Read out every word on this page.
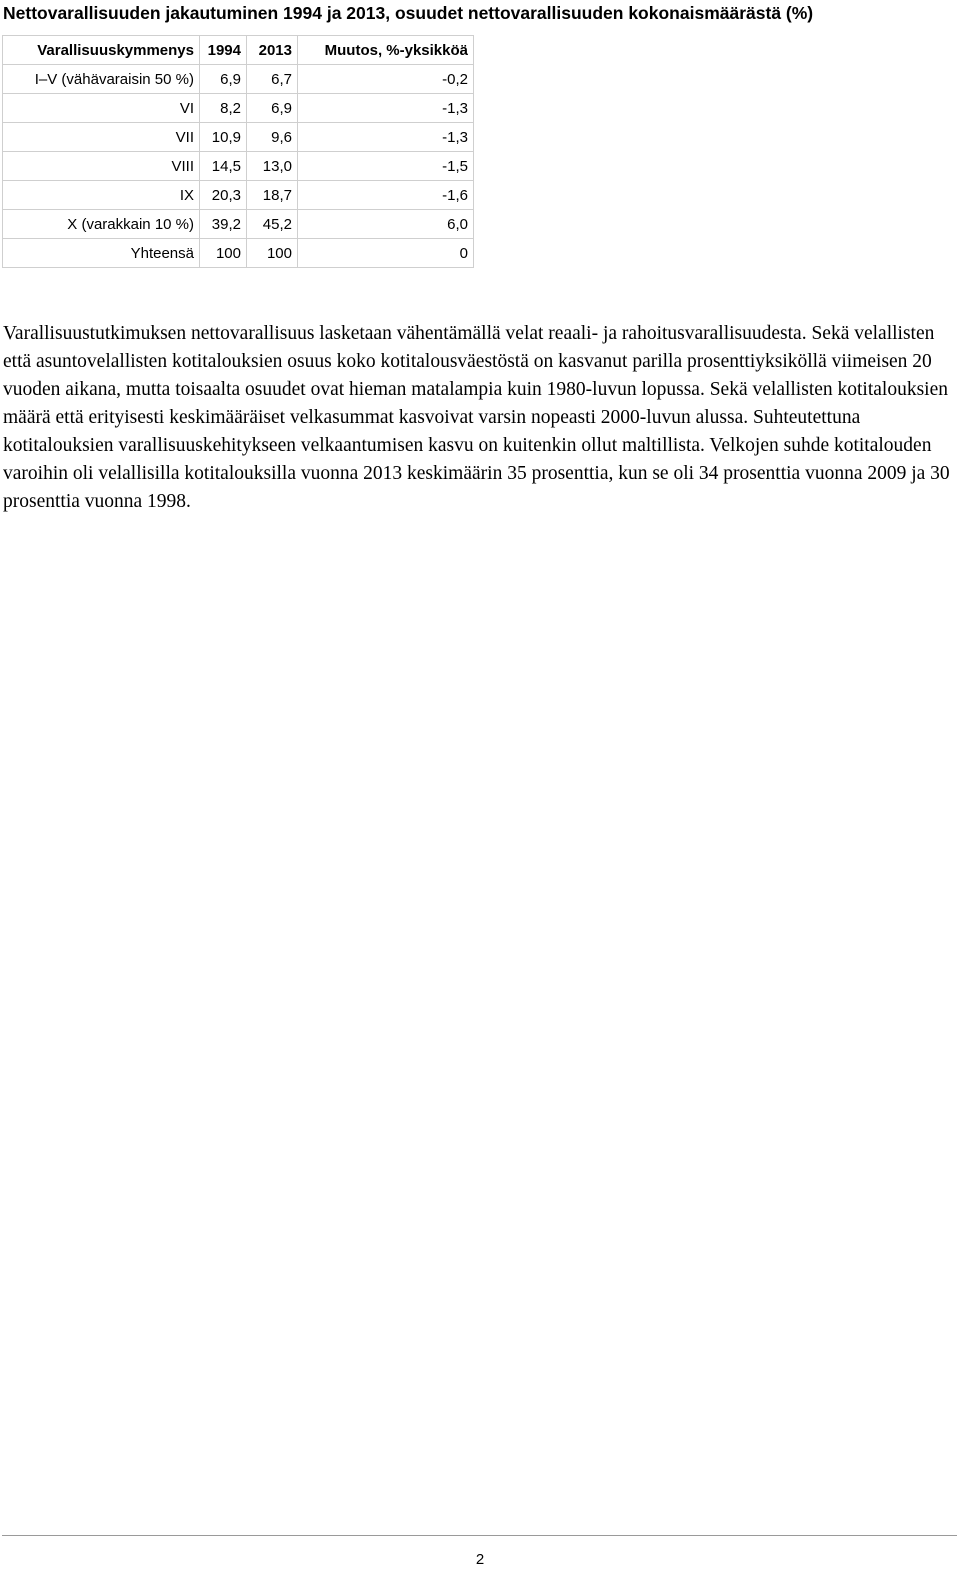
Nettovarallisuuden jakautuminen 1994 ja 2013, osuudet nettovarallisuuden kokonaismäärästä (%)
Varallisuuskymmenys	1994	2013	Muutos, %-yksikköä
I–V (vähävaraisin 50 %)	6,9	6,7	-0,2
VI	8,2	6,9	-1,3
VII	10,9	9,6	-1,3
VIII	14,5	13,0	-1,5
IX	20,3	18,7	-1,6
X (varakkain 10 %)	39,2	45,2	6,0
Yhteensä	100	100	0

Varallisuustutkimuksen nettovarallisuus lasketaan vähentämällä velat reaali- ja rahoitusvarallisuudesta. Sekä velallisten että asuntovelallisten kotitalouksien osuus koko kotitalousväestöstä on kasvanut parilla prosenttiyksiköllä viimeisen 20 vuoden aikana, mutta toisaalta osuudet ovat hieman matalampia kuin 1980-luvun lopussa. Sekä velallisten kotitalouksien määrä että erityisesti keskimääräiset velkasummat kasvoivat varsin nopeasti 2000-luvun alussa. Suhteutettuna kotitalouksien varallisuuskehitykseen velkaantumisen kasvu on kuitenkin ollut maltillista. Velkojen suhde kotitalouden varoihin oli velallisilla kotitalouksilla vuonna 2013 keskimäärin 35 prosenttia, kun se oli 34 prosenttia vuonna 2009 ja 30 prosenttia vuonna 1998.

2
